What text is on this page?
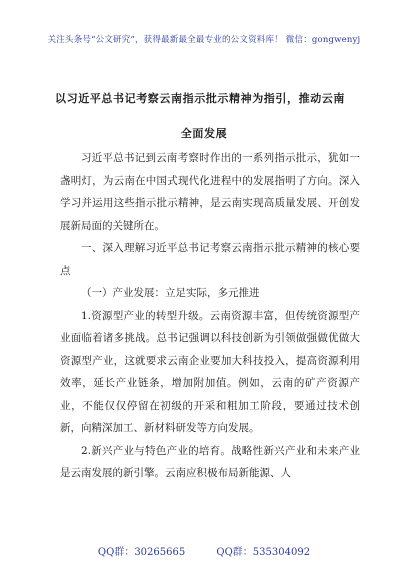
关注头条号“公文研究”，获得最新最全最专业的公文资料库！ 微信：gongwenyj
以习近平总书记考察云南指示批示精神为指引，推动云南
全面发展

习近平总书记到云南考察时作出的一系列指示批示，犹如一盏明灯，为云南在中国式现代化进程中的发展指明了方向。深入学习并运用这些指示批示精神，是云南实现高质量发展、开创发展新局面的关键所在。

一、深入理解习近平总书记考察云南指示批示精神的核心要点

（一）产业发展：立足实际，多元推进

1.资源型产业的转型升级。云南资源丰富，但传统资源型产业面临着诸多挑战。总书记强调以科技创新为引领做强做优做大资源型产业，这就要求云南企业要加大科技投入，提高资源利用效率，延长产业链条，增加附加值。例如，云南的矿产资源产业，不能仅仅停留在初级的开采和粗加工阶段，要通过技术创新，向精深加工、新材料研发等方向发展。

2.新兴产业与特色产业的培育。战略性新兴产业和未来产业是云南发展的新引擎。云南应积极布局新能源、人

QQ群：30265665	QQ群：535304092
